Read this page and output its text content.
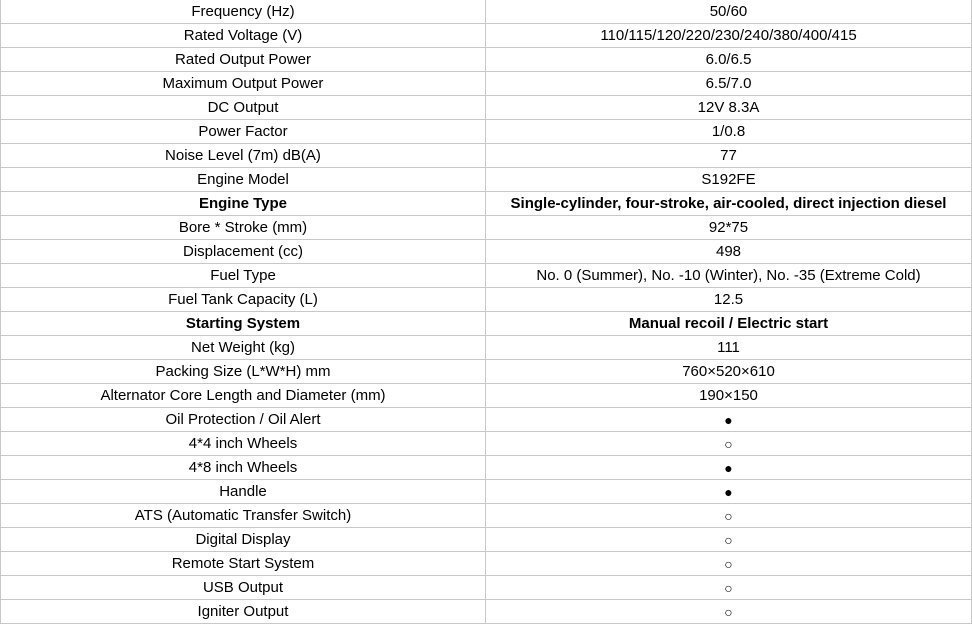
Frequency (Hz)	50/60
Rated Voltage (V)	110/115/120/220/230/240/380/400/415
Rated Output Power	6.0/6.5
Maximum Output Power	6.5/7.0
DC Output	12V 8.3A
Power Factor	1/0.8
Noise Level (7m) dB(A)	77
Engine Model	S192FE
Engine Type	Single-cylinder, four-stroke, air-cooled, direct injection diesel
Bore * Stroke (mm)	92*75
Displacement (cc)	498
Fuel Type	No. 0 (Summer), No. -10 (Winter), No. -35 (Extreme Cold)
Fuel Tank Capacity (L)	12.5
Starting System	Manual recoil / Electric start
Net Weight (kg)	111
Packing Size (L*W*H) mm	760×520×610
Alternator Core Length and Diameter (mm)	190×150
Oil Protection / Oil Alert	●
4*4 inch Wheels	○
4*8 inch Wheels	●
Handle	●
ATS (Automatic Transfer Switch)	○
Digital Display	○
Remote Start System	○
USB Output	○
Igniter Output	○
